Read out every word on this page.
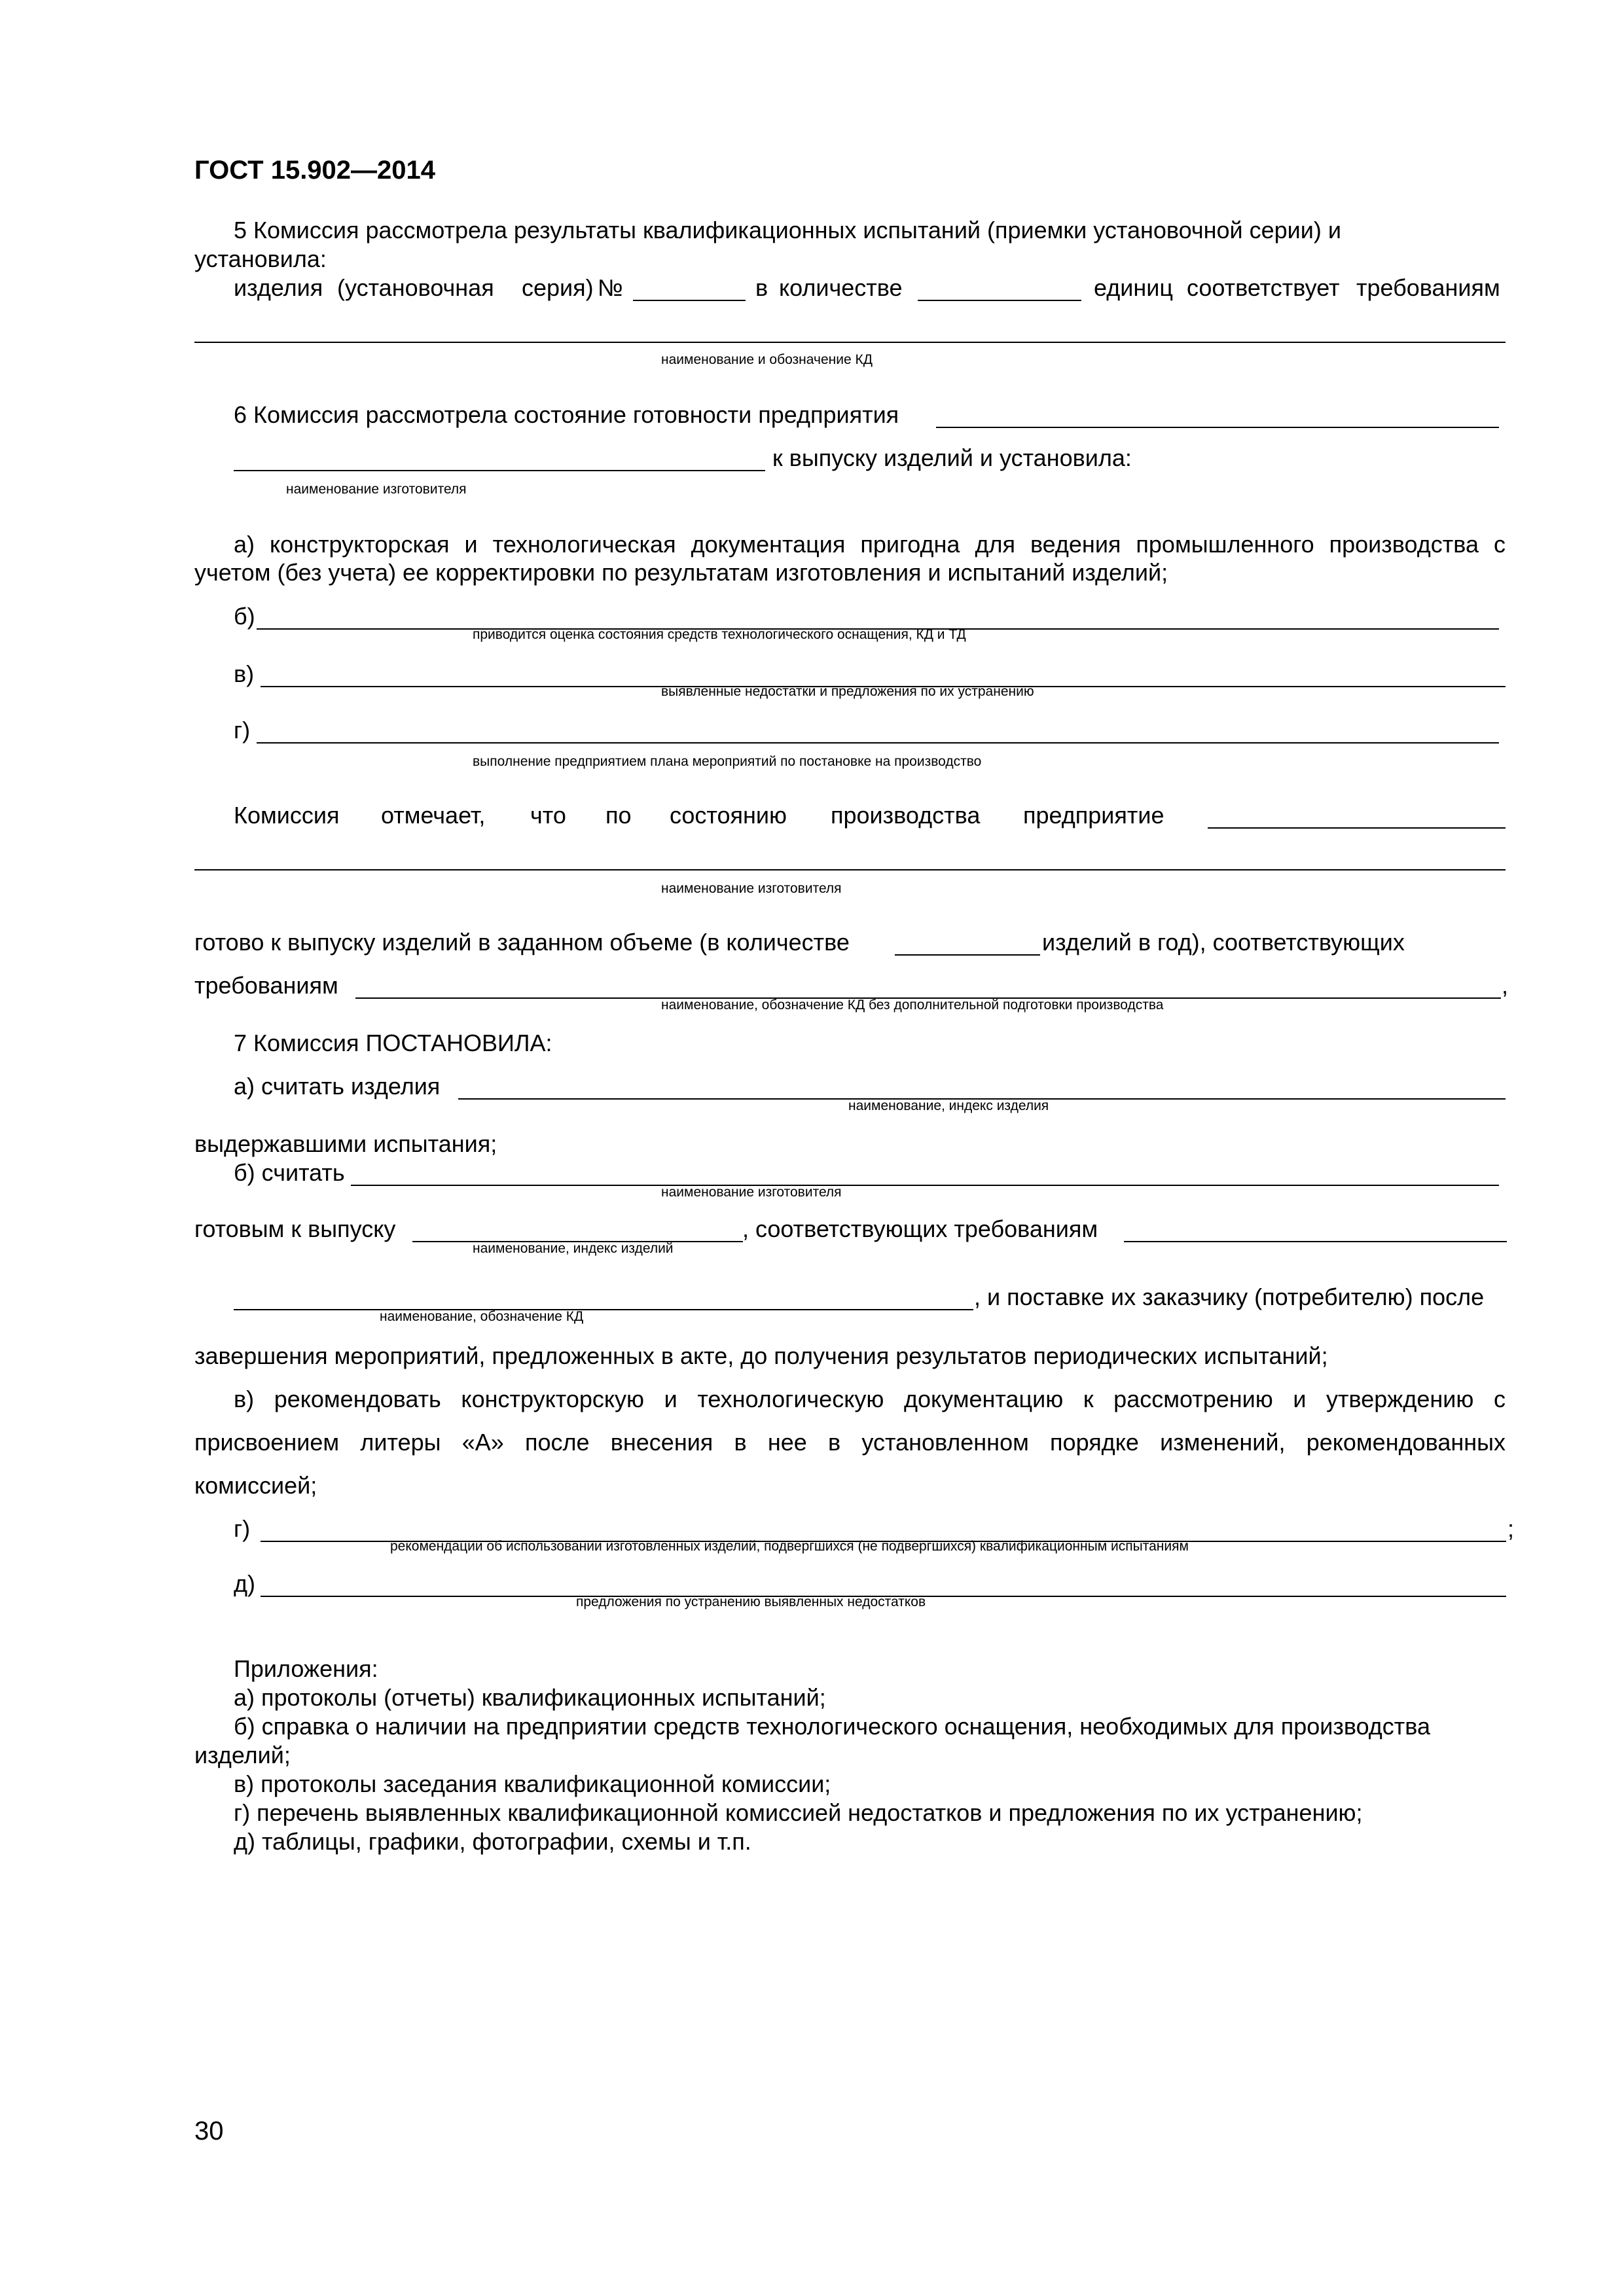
ГОСТ 15.902—2014
5 Комиссия рассмотрела результаты квалификационных испытаний (приемки установочной серии) и
установила:
изделия (установочная серия) №	в количестве	единиц соответствует требованиям
наименование и обозначение КД
6 Комиссия рассмотрела состояние готовности предприятия
к выпуску изделий и установила:
наименование изготовителя
а) конструкторская и технологическая документация пригодна для ведения промышленного производства с
учетом (без учета) ее корректировки по результатам изготовления и испытаний изделий;
б)
приводится оценка состояния средств технологического оснащения, КД и ТД
в)
выявленные недостатки и предложения по их устранению
г)
выполнение предприятием плана мероприятий по постановке на производство
Комиссия отмечает, что по состоянию производства предприятие
наименование изготовителя
готово к выпуску изделий в заданном объеме (в количестве	изделий в год), соответствующих
требованиям	,
наименование, обозначение КД без дополнительной подготовки производства
7 Комиссия ПОСТАНОВИЛА:
а) считать изделия
наименование, индекс изделия
выдержавшими испытания;
б) считать
наименование изготовителя
готовым к выпуску
наименование, индекс изделий
, соответствующих требованиям
наименование, обозначение КД
, и поставке их заказчику (потребителю) после
завершения мероприятий, предложенных в акте, до получения результатов периодических испытаний;
в) рекомендовать конструкторскую и технологическую документацию к рассмотрению и утверждению с
присвоением литеры «А» после внесения в нее в установленном порядке изменений, рекомендованных
комиссией;
г)	;
рекомендации об использовании изготовленных изделий, подвергшихся (не подвергшихся) квалификационным испытаниям
д)
предложения по устранению выявленных недостатков
Приложения:
а) протоколы (отчеты) квалификационных испытаний;
б) справка о наличии на предприятии средств технологического оснащения, необходимых для производства
изделий;
в) протоколы заседания квалификационной комиссии;
г) перечень выявленных квалификационной комиссией недостатков и предложения по их устранению;
д) таблицы, графики, фотографии, схемы и т.п.
30
